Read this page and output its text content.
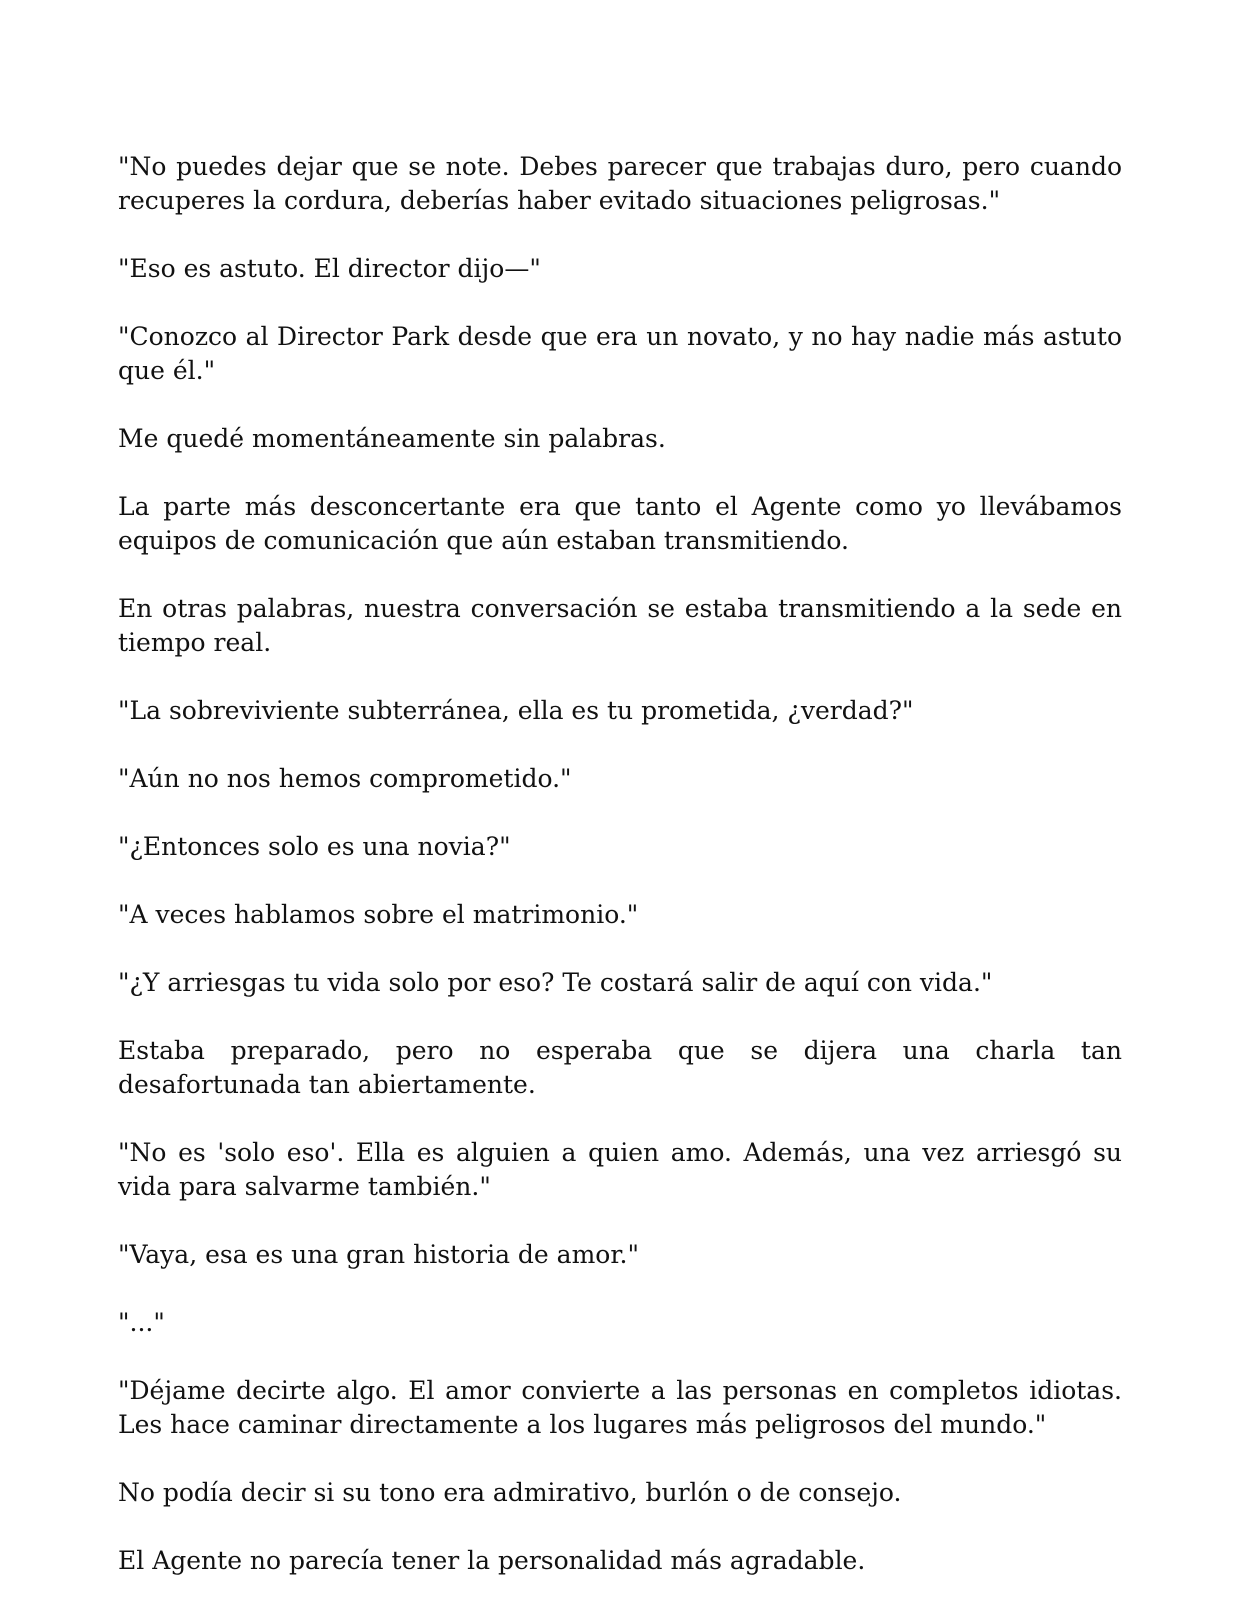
"No puedes dejar que se note. Debes parecer que trabajas duro, pero cuando recuperes la cordura, deberías haber evitado situaciones peligrosas."

"Eso es astuto. El director dijo—"

"Conozco al Director Park desde que era un novato, y no hay nadie más astuto que él."

Me quedé momentáneamente sin palabras.

La parte más desconcertante era que tanto el Agente como yo llevábamos equipos de comunicación que aún estaban transmitiendo.

En otras palabras, nuestra conversación se estaba transmitiendo a la sede en tiempo real.

"La sobreviviente subterránea, ella es tu prometida, ¿verdad?"

"Aún no nos hemos comprometido."

"¿Entonces solo es una novia?"

"A veces hablamos sobre el matrimonio."

"¿Y arriesgas tu vida solo por eso? Te costará salir de aquí con vida."

Estaba preparado, pero no esperaba que se dijera una charla tan desafortunada tan abiertamente.

"No es 'solo eso'. Ella es alguien a quien amo. Además, una vez arriesgó su vida para salvarme también."

"Vaya, esa es una gran historia de amor."

"..."

"Déjame decirte algo. El amor convierte a las personas en completos idiotas. Les hace caminar directamente a los lugares más peligrosos del mundo."

No podía decir si su tono era admirativo, burlón o de consejo.

El Agente no parecía tener la personalidad más agradable.
